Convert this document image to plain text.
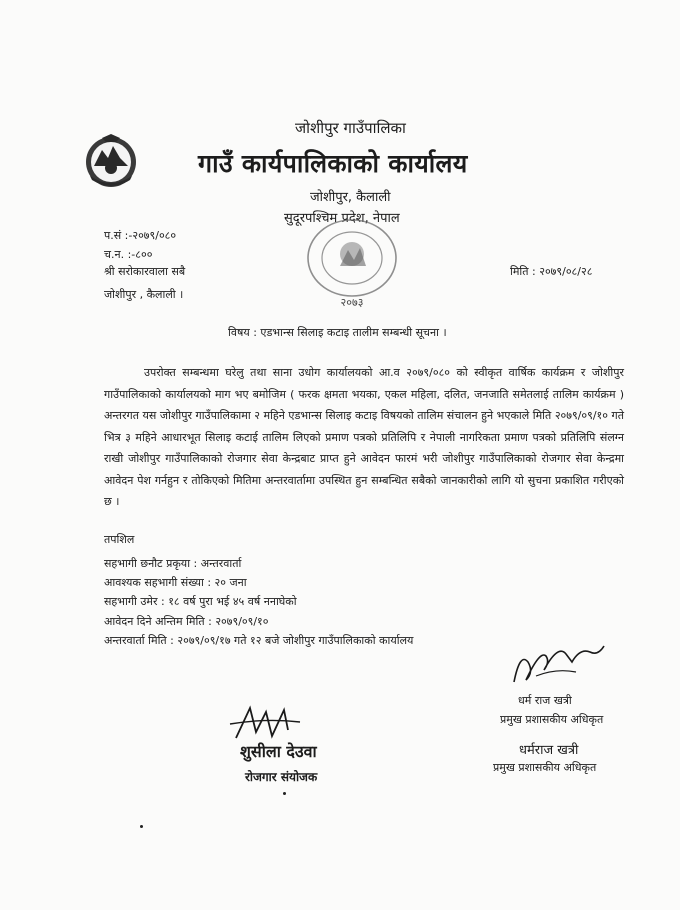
जोशीपुर गाउँपालिका
गाउँ कार्यपालिकाको कार्यालय
जोशीपुर, कैलाली
सुदूरपश्चिम प्रदेश, नेपाल
२०७३
प.सं :-२०७९/०८०
च.न. :-८००
श्री सरोकारवाला सबै
जोशीपुर , कैलाली ।
मिति : २०७९/०८/२८
विषय : एडभान्स सिलाइ कटाइ तालीम सम्बन्धी सूचना ।
उपरोक्त सम्बन्धमा घरेलु तथा साना उधोग कार्यालयको आ.व २०७९/०८० को स्वीकृत वार्षिक कार्यक्रम र जोशीपुर गाउँपालिकाको कार्यालयको माग भए बमोजिम ( फरक क्षमता भयका, एकल महिला, दलित, जनजाति समेतलाई तालिम कार्यक्रम ) अन्तरगत यस जोशीपुर गाउँपालिकामा २ महिने एडभान्स सिलाइ कटाइ विषयको तालिम संचालन हुने भएकाले मिति २०७९/०९/१० गते भित्र ३ महिने आधारभूत सिलाइ कटाई तालिम लिएको प्रमाण पत्रको प्रतिलिपि र नेपाली नागरिकता प्रमाण पत्रको प्रतिलिपि संलग्न राखी जोशीपुर गाउँपालिकाको रोजगार सेवा केन्द्रबाट प्राप्त हुने आवेदन फारमं भरी जोशीपुर गाउँपालिकाको रोजगार सेवा केन्द्रमा आवेदन पेश गर्नहुन र तोकिएको मितिमा अन्तरवार्तामा उपस्थित हुन सम्बन्धित सबैको जानकारीको लागि यो सुचना प्रकाशित गरीएको छ ।
तपशिल
सहभागी छनौट प्रकृया : अन्तरवार्ता
आवश्यक सहभागी संख्या : २० जना
सहभागी उमेर : १८ वर्ष पुरा भई ४५ वर्ष ननाघेको
आवेदन दिने अन्तिम मिति : २०७९/०९/१०
अन्तरवार्ता मिति : २०७९/०९/१७ गते १२ बजे जोशीपुर गाउँपालिकाको कार्यालय
धर्म राज खत्री
प्रमुख प्रशासकीय अधिकृत
धर्मराज खत्री
प्रमुख प्रशासकीय अधिकृत
शुसीला देउवा
रोजगार संयोजक
